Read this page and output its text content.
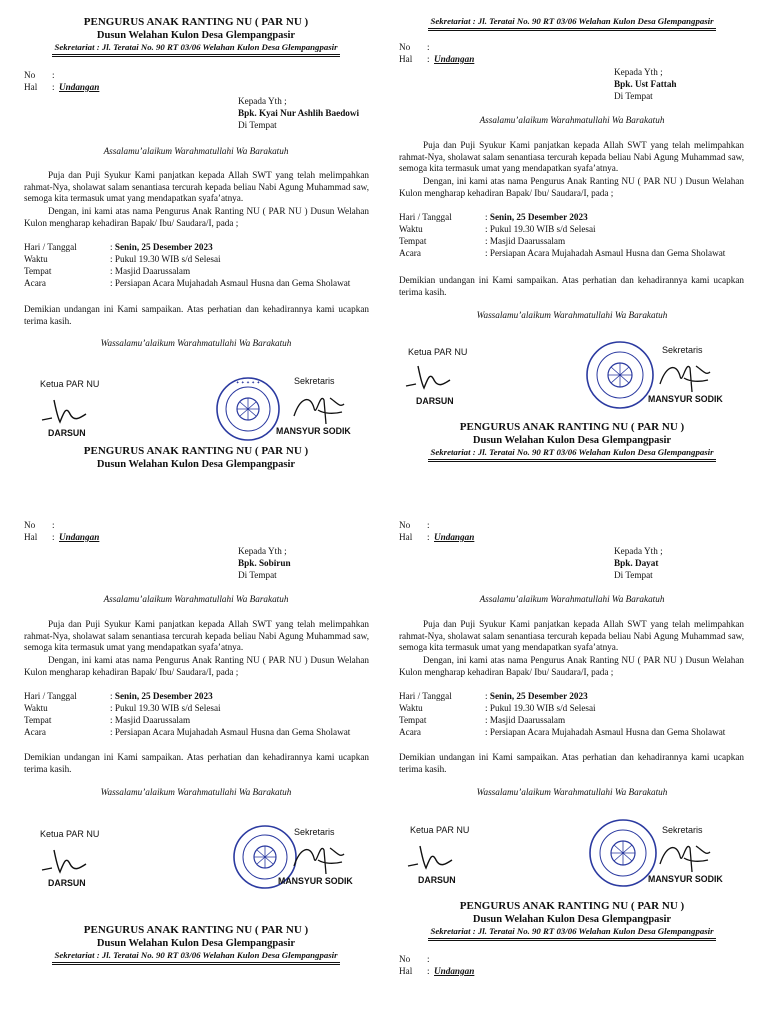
PENGURUS ANAK RANTING NU ( PAR NU )
Dusun Welahan Kulon Desa Glempangpasir
Sekretariat : Jl. Teratai No. 90 RT 03/06 Welahan Kulon Desa Glempangpasir
No :
Hal : Undangan
Kepada Yth ;
Bpk. Kyai Nur Ashlih Baedowi
Di Tempat
Assalamu’alaikum Warahmatullahi Wa Barakatuh
Puja dan Puji Syukur Kami panjatkan kepada Allah SWT yang telah melimpahkan rahmat-Nya, sholawat salam senantiasa tercurah kepada beliau Nabi Agung Muhammad saw, semoga kita termasuk umat yang mendapatkan syafa’atnya.
Dengan, ini kami atas nama Pengurus Anak Ranting NU ( PAR NU ) Dusun Welahan Kulon mengharap kehadiran Bapak/ Ibu/ Saudara/I, pada ;
Hari / Tanggal	: Senin, 25 Desember 2023
Waktu	: Pukul 19.30 WIB s/d Selesai
Tempat	: Masjid Daarussalam
Acara	: Persiapan Acara Mujahadah Asmaul Husna dan Gema Sholawat
Demikian undangan ini Kami sampaikan. Atas perhatian dan kehadirannya kami ucapkan terima kasih.
Wassalamu’alaikum Warahmatullahi Wa Barakatuh
Ketua PAR NU
DARSUN
✦ ✦ ✦ ✦ ✦	Sekretaris
MANSYUR SODIK
PENGURUS ANAK RANTING NU ( PAR NU )
Dusun Welahan Kulon Desa Glempangpasir
No :
Hal : Undangan
Kepada Yth ;
Bpk. Sobirun
Di Tempat
Assalamu’alaikum Warahmatullahi Wa Barakatuh
Puja dan Puji Syukur Kami panjatkan kepada Allah SWT yang telah melimpahkan rahmat-Nya, sholawat salam senantiasa tercurah kepada beliau Nabi Agung Muhammad saw, semoga kita termasuk umat yang mendapatkan syafa’atnya.
Dengan, ini kami atas nama Pengurus Anak Ranting NU ( PAR NU ) Dusun Welahan Kulon mengharap kehadiran Bapak/ Ibu/ Saudara/I, pada ;
Hari / Tanggal	: Senin, 25 Desember 2023
Waktu	: Pukul 19.30 WIB s/d Selesai
Tempat	: Masjid Daarussalam
Acara	: Persiapan Acara Mujahadah Asmaul Husna dan Gema Sholawat
Demikian undangan ini Kami sampaikan. Atas perhatian dan kehadirannya kami ucapkan terima kasih.
Wassalamu’alaikum Warahmatullahi Wa Barakatuh
Ketua PAR NU
DARSUN
Sekretaris
MANSYUR SODIK
PENGURUS ANAK RANTING NU ( PAR NU )
Dusun Welahan Kulon Desa Glempangpasir
Sekretariat : Jl. Teratai No. 90 RT 03/06 Welahan Kulon Desa Glempangpasir
Sekretariat : Jl. Teratai No. 90 RT 03/06 Welahan Kulon Desa Glempangpasir
No :
Hal : Undangan
Kepada Yth ;
Bpk. Ust Fattah
Di Tempat
Assalamu’alaikum Warahmatullahi Wa Barakatuh
Puja dan Puji Syukur Kami panjatkan kepada Allah SWT yang telah melimpahkan rahmat-Nya, sholawat salam senantiasa tercurah kepada beliau Nabi Agung Muhammad saw, semoga kita termasuk umat yang mendapatkan syafa’atnya.
Dengan, ini kami atas nama Pengurus Anak Ranting NU ( PAR NU ) Dusun Welahan Kulon mengharap kehadiran Bapak/ Ibu/ Saudara/I, pada ;
Hari / Tanggal	: Senin, 25 Desember 2023
Waktu	: Pukul 19.30 WIB s/d Selesai
Tempat	: Masjid Daarussalam
Acara	: Persiapan Acara Mujahadah Asmaul Husna dan Gema Sholawat
Demikian undangan ini Kami sampaikan. Atas perhatian dan kehadirannya kami ucapkan terima kasih.
Wassalamu’alaikum Warahmatullahi Wa Barakatuh
Ketua PAR NU
DARSUN
Sekretaris
MANSYUR SODIK
PENGURUS ANAK RANTING NU ( PAR NU )
Dusun Welahan Kulon Desa Glempangpasir
Sekretariat : Jl. Teratai No. 90 RT 03/06 Welahan Kulon Desa Glempangpasir
No :
Hal : Undangan
Kepada Yth ;
Bpk. Dayat
Di Tempat
Assalamu’alaikum Warahmatullahi Wa Barakatuh
Puja dan Puji Syukur Kami panjatkan kepada Allah SWT yang telah melimpahkan rahmat-Nya, sholawat salam senantiasa tercurah kepada beliau Nabi Agung Muhammad saw, semoga kita termasuk umat yang mendapatkan syafa’atnya.
Dengan, ini kami atas nama Pengurus Anak Ranting NU ( PAR NU ) Dusun Welahan Kulon mengharap kehadiran Bapak/ Ibu/ Saudara/I, pada ;
Hari / Tanggal	: Senin, 25 Desember 2023
Waktu	: Pukul 19.30 WIB s/d Selesai
Tempat	: Masjid Daarussalam
Acara	: Persiapan Acara Mujahadah Asmaul Husna dan Gema Sholawat
Demikian undangan ini Kami sampaikan. Atas perhatian dan kehadirannya kami ucapkan terima kasih.
Wassalamu’alaikum Warahmatullahi Wa Barakatuh
Ketua PAR NU
DARSUN
Sekretaris
MANSYUR SODIK
PENGURUS ANAK RANTING NU ( PAR NU )
Dusun Welahan Kulon Desa Glempangpasir
Sekretariat : Jl. Teratai No. 90 RT 03/06 Welahan Kulon Desa Glempangpasir
No :
Hal : Undangan
